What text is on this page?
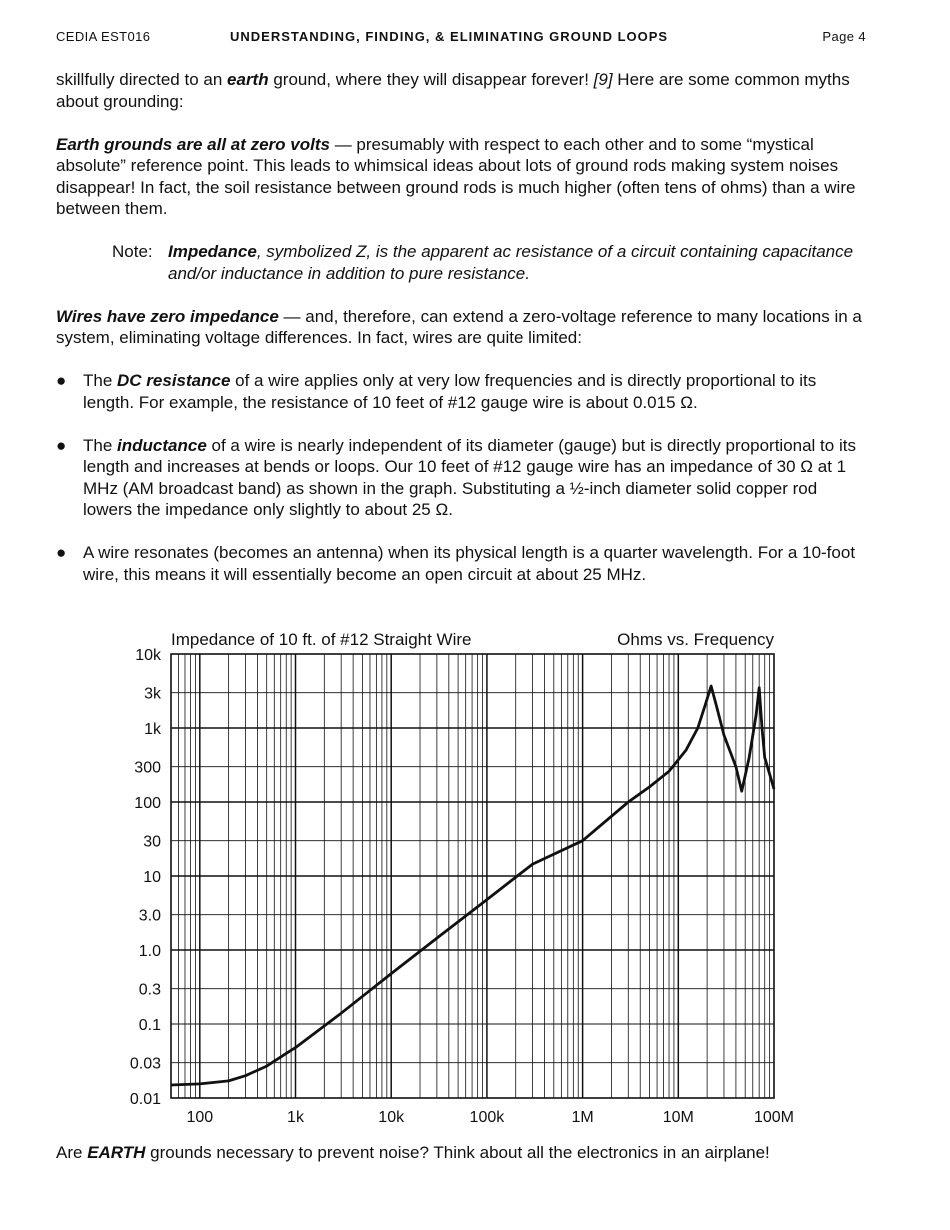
CEDIA EST016	UNDERSTANDING, FINDING, & ELIMINATING GROUND LOOPS	Page 4

skillfully directed to an earth ground, where they will disappear forever! [9] Here are some common myths about grounding:

Earth grounds are all at zero volts — presumably with respect to each other and to some “mystical absolute” reference point. This leads to whimsical ideas about lots of ground rods making system noises disappear! In fact, the soil resistance between ground rods is much higher (often tens of ohms) than a wire between them.

Note: Impedance, symbolized Z, is the apparent ac resistance of a circuit containing capacitance and/or inductance in addition to pure resistance.

Wires have zero impedance — and, therefore, can extend a zero-voltage reference to many locations in a system, eliminating voltage differences. In fact, wires are quite limited:

● The DC resistance of a wire applies only at very low frequencies and is directly proportional to its length. For example, the resistance of 10 feet of #12 gauge wire is about 0.015 Ω.
● The inductance of a wire is nearly independent of its diameter (gauge) but is directly proportional to its length and increases at bends or loops. Our 10 feet of #12 gauge wire has an impedance of 30 Ω at 1 MHz (AM broadcast band) as shown in the graph. Substituting a ½-inch diameter solid copper rod lowers the impedance only slightly to about 25 Ω.
● A wire resonates (becomes an antenna) when its physical length is a quarter wavelength. For a 10-foot wire, this means it will essentially become an open circuit at about 25 MHz.
10k
3k
1k
300
100
30
10
3.0
1.0
0.3
0.1
0.03
0.01
100	1k	10k	100k	1M	10M	100M
Impedance of 10 ft. of #12 Straight Wire	Ohms vs. Frequency

Are EARTH grounds necessary to prevent noise? Think about all the electronics in an airplane!
